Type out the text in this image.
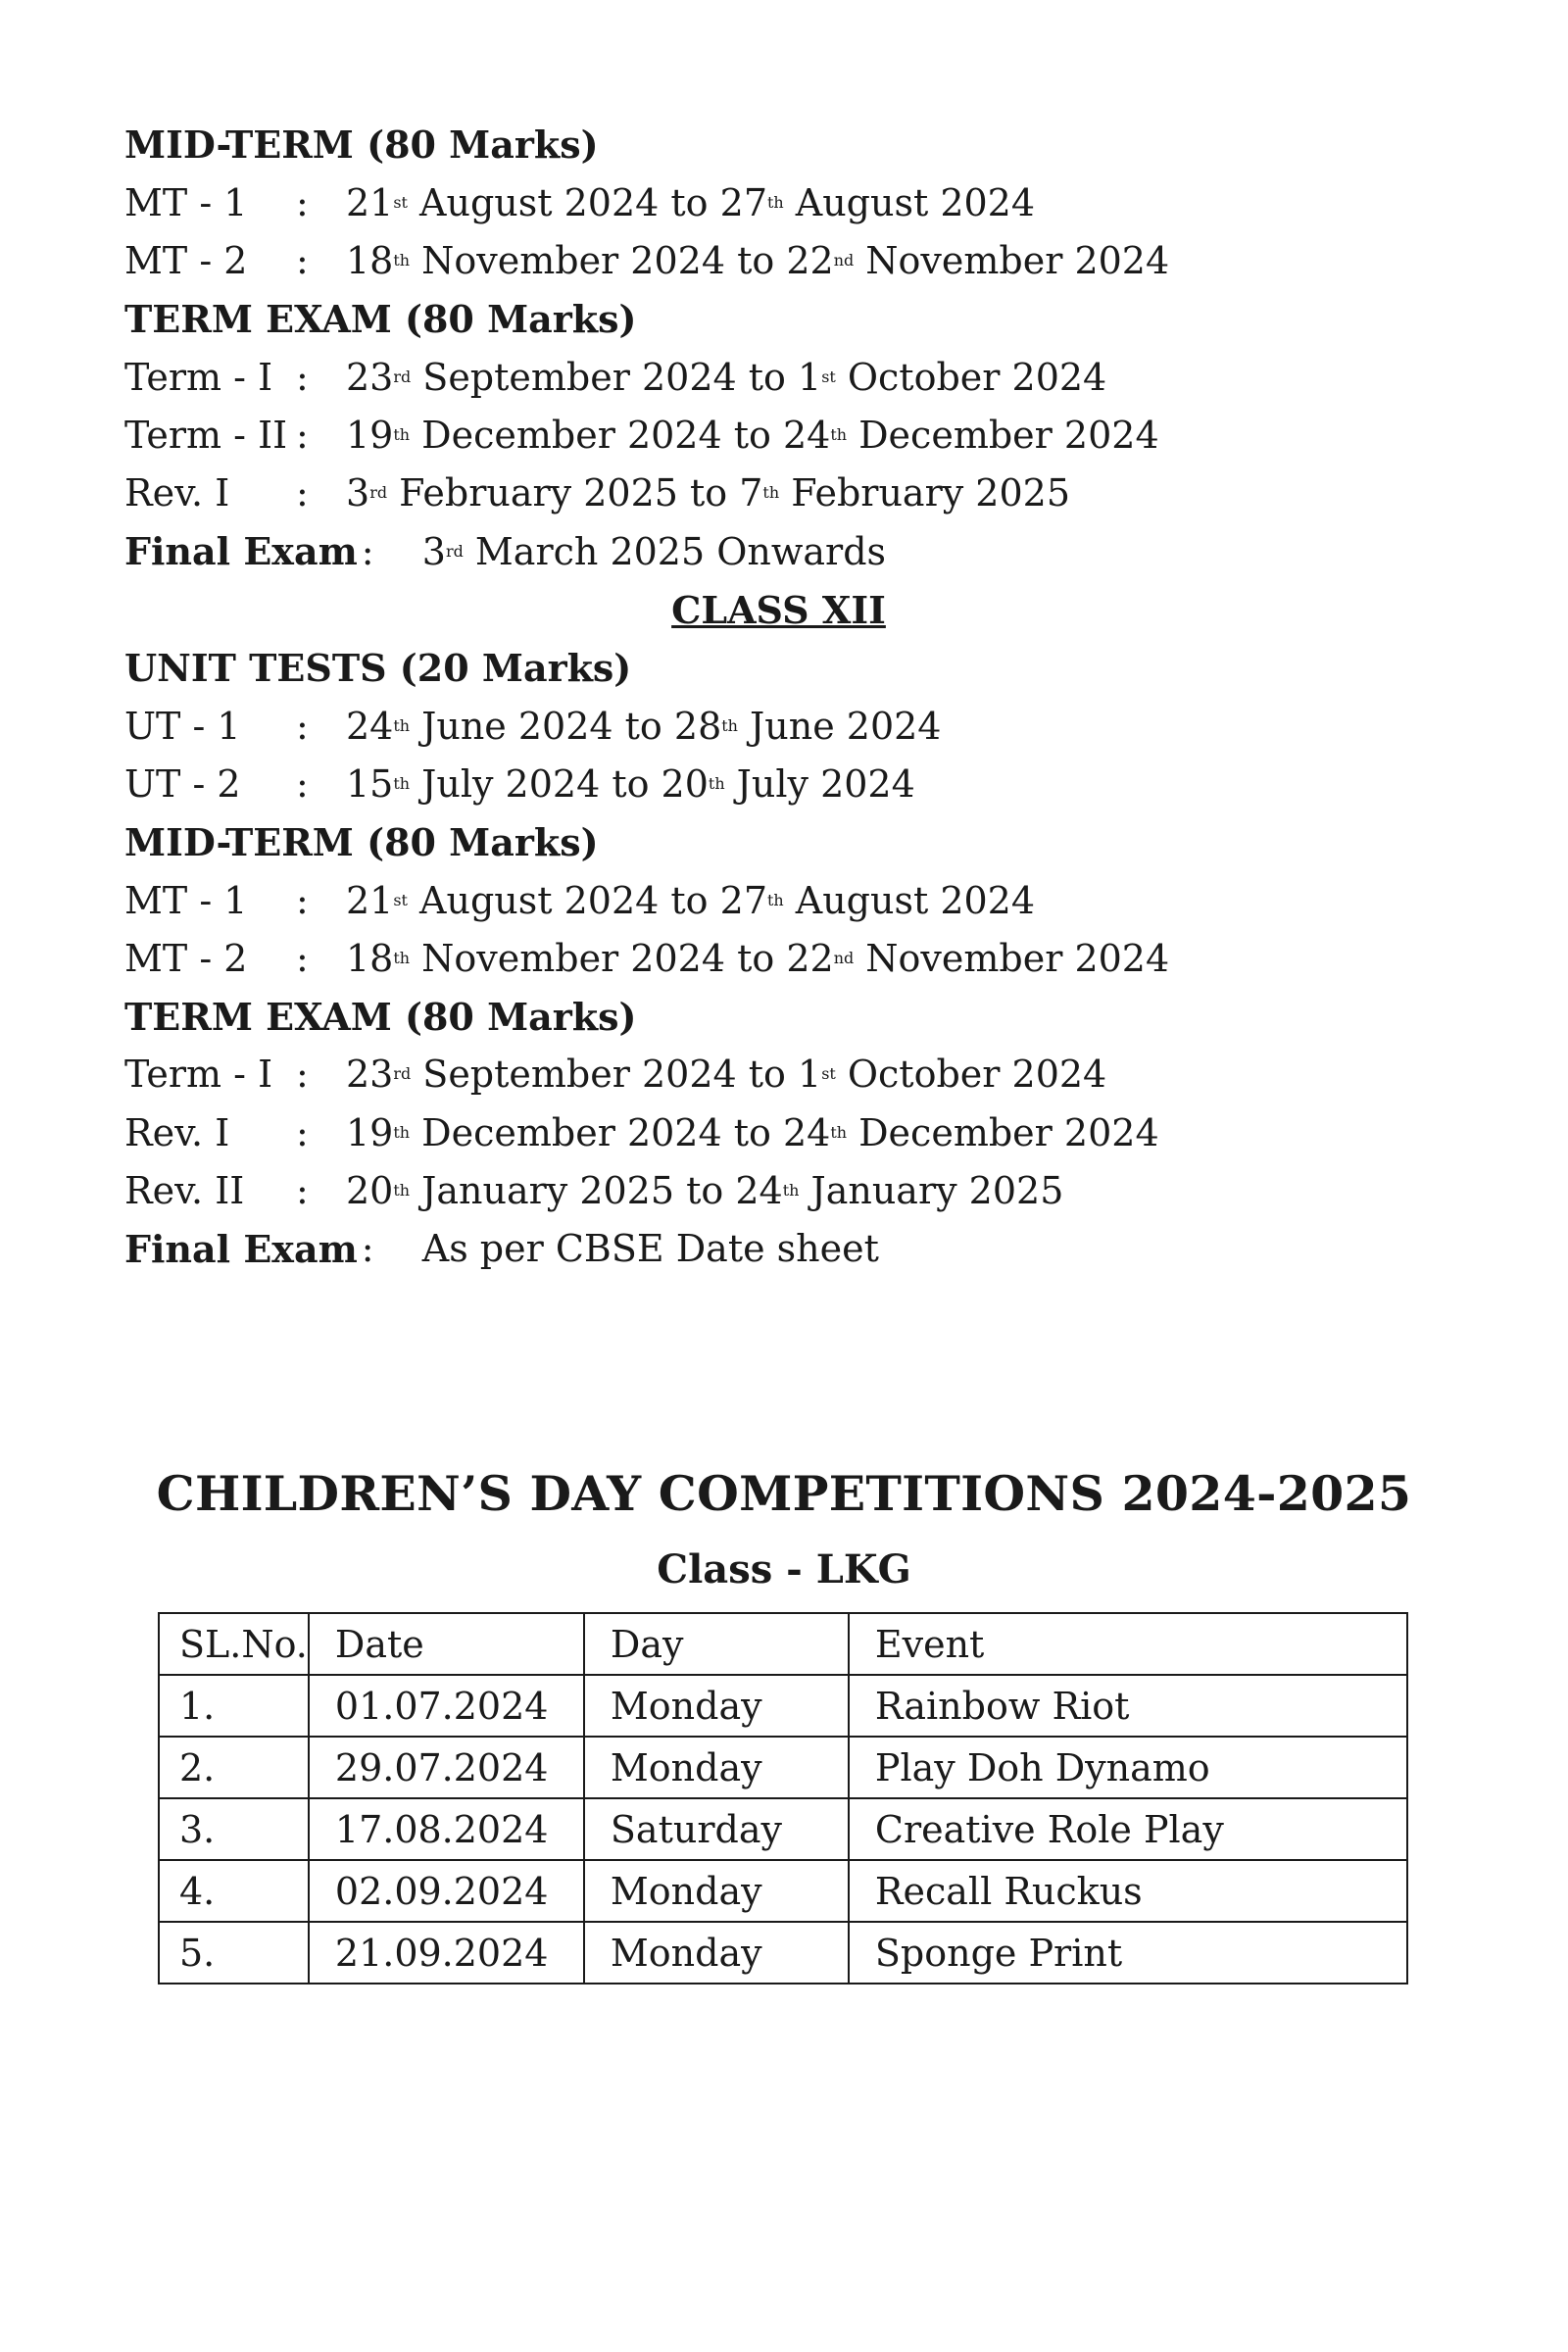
MID-TERM (80 Marks)
MT - 1	:	21 st August 2024 to 27 th August 2024
MT - 2	:	18 th November 2024 to 22 nd November 2024
TERM EXAM (80 Marks)
Term - I :	23 rd September 2024 to 1 st October 2024
Term - II :	19 th December 2024 to 24 th December 2024
Rev. I	:	3 rd February 2025 to 7 th February 2025
Final Exam :	3 rd March 2025 Onwards
CLASS XII
UNIT TESTS (20 Marks)
UT - 1	:	24 th June 2024 to 28 th June 2024
UT - 2	:	15 th July 2024 to 20 th July 2024
MID-TERM (80 Marks)
MT - 1	:	21 st August 2024 to 27 th August 2024
MT - 2	:	18 th November 2024 to 22 nd November 2024
TERM EXAM (80 Marks)
Term - I :	23 rd September 2024 to 1 st October 2024
Rev. I	:	19 th December 2024 to 24 th December 2024
Rev. II	:	20 th January 2025 to 24 th January 2025
Final Exam :	As per CBSE Date sheet
CHILDREN’S DAY COMPETITIONS 2024-2025
Class - LKG
SL.No.	Date	Day	Event
1.	01.07.2024	Monday	Rainbow Riot
2.	29.07.2024	Monday	Play Doh Dynamo
3.	17.08.2024	Saturday	Creative Role Play
4.	02.09.2024	Monday	Recall Ruckus
5.	21.09.2024	Monday	Sponge Print
